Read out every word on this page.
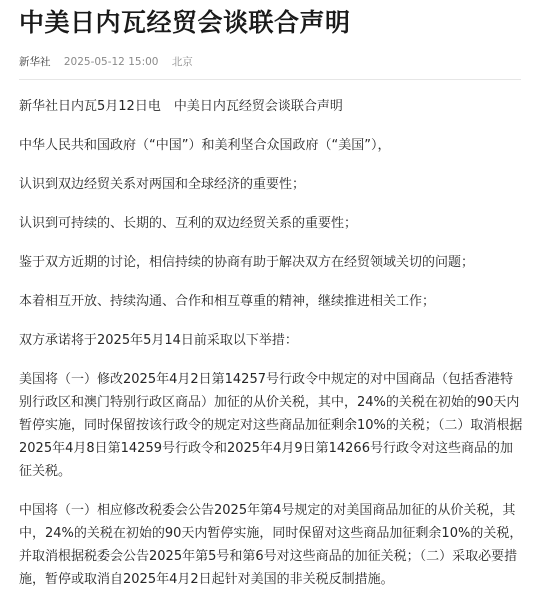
中美日内瓦经贸会谈联合声明
新华社 2025-05-12 15:00 北京

新华社日内瓦5月12日电　中美日内瓦经贸会谈联合声明

中华人民共和国政府（“中国”）和美利坚合众国政府（“美国”），

认识到双边经贸关系对两国和全球经济的重要性；

认识到可持续的、长期的、互利的双边经贸关系的重要性；

鉴于双方近期的讨论，相信持续的协商有助于解决双方在经贸领域关切的问题；

本着相互开放、持续沟通、合作和相互尊重的精神，继续推进相关工作；

双方承诺将于2025年5月14日前采取以下举措：

美国将（一）修改2025年4月2日第14257号行政令中规定的对中国商品（包括香港特别行政区和澳门特别行政区商品）加征的从价关税，其中，24%的关税在初始的90天内暂停实施，同时保留按该行政令的规定对这些商品加征剩余10%的关税；（二）取消根据2025年4月8日第14259号行政令和2025年4月9日第14266号行政令对这些商品的加征关税。

中国将（一）相应修改税委会公告2025年第4号规定的对美国商品加征的从价关税，其中，24%的关税在初始的90天内暂停实施，同时保留对这些商品加征剩余10%的关税，并取消根据税委会公告2025年第5号和第6号对这些商品的加征关税；（二）采取必要措施，暂停或取消自2025年4月2日起针对美国的非关税反制措施。
